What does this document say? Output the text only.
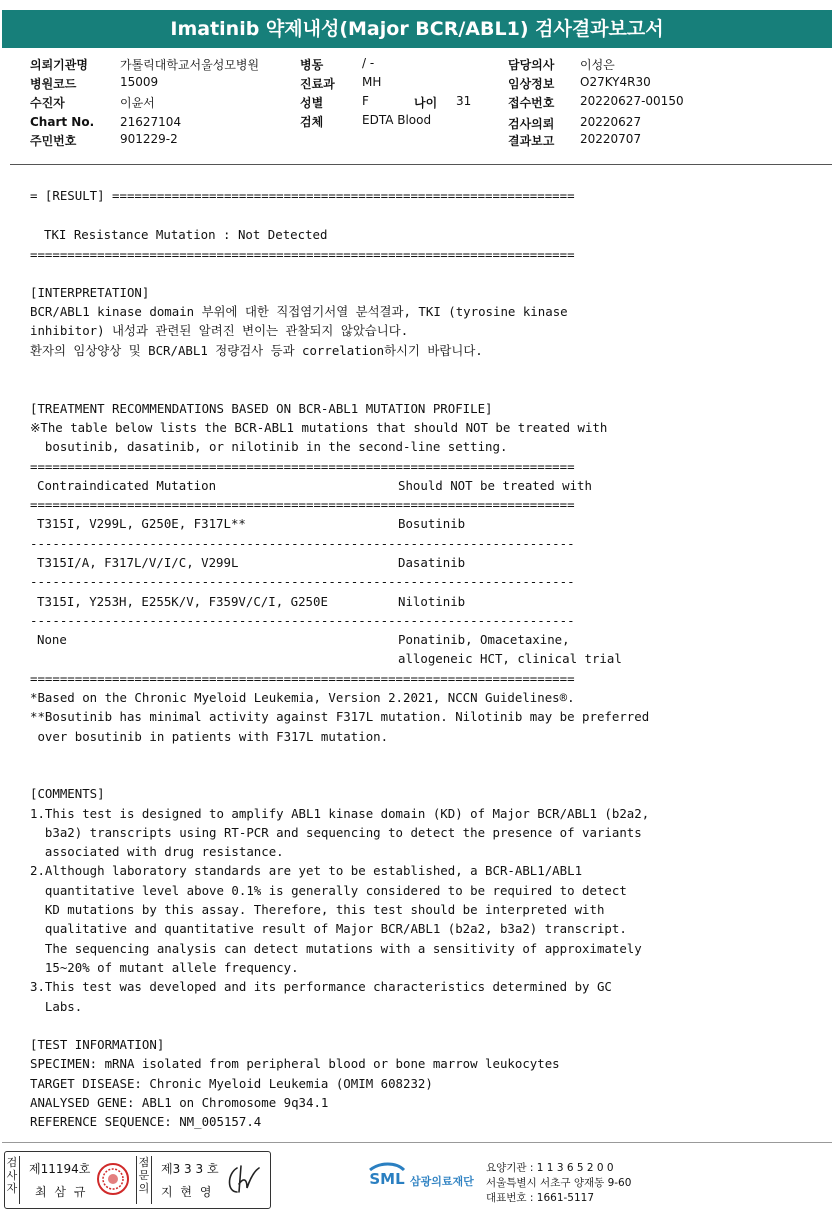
Imatinib 약제내성(Major BCR/ABL1) 검사결과보고서
의뢰기관명	가톨릭대학교서울성모병원
병원코드	15009
수진자	이윤서
Chart No. 21627104
주민번호	901229-2
병동	/ -
진료과 MH
성별	F	나이 31
검체	EDTA Blood
담당의사 이성은
임상정보 O27KY4R30
접수번호 20220627-00150
검사의뢰 20220627
결과보고 20220707
= [RESULT] ==============================================================
TKI Resistance Mutation : Not Detected
=========================================================================
[INTERPRETATION]
BCR/ABL1 kinase domain 부위에 대한 직접염기서열 분석결과, TKI (tyrosine kinase
inhibitor) 내성과 관련된 알려진 변이는 관찰되지 않았습니다.
환자의 임상양상 및 BCR/ABL1 정량검사 등과 correlation하시기 바랍니다.
[TREATMENT RECOMMENDATIONS BASED ON BCR-ABL1 MUTATION PROFILE]
※The table below lists the BCR-ABL1 mutations that should NOT be treated with
bosutinib, dasatinib, or nilotinib in the second-line setting.
=========================================================================
Contraindicated Mutation	Should NOT be treated with
=========================================================================
T315I, V299L, G250E, F317L**	Bosutinib
-------------------------------------------------------------------------
T315I/A, F317L/V/I/C, V299L	Dasatinib
-------------------------------------------------------------------------
T315I, Y253H, E255K/V, F359V/C/I, G250E	Nilotinib
-------------------------------------------------------------------------
None	Ponatinib, Omacetaxine,
allogeneic HCT, clinical trial
=========================================================================
*Based on the Chronic Myeloid Leukemia, Version 2.2021, NCCN Guidelines®.
**Bosutinib has minimal activity against F317L mutation. Nilotinib may be preferred
over bosutinib in patients with F317L mutation.
[COMMENTS]
1.This test is designed to amplify ABL1 kinase domain (KD) of Major BCR/ABL1 (b2a2,
b3a2) transcripts using RT-PCR and sequencing to detect the presence of variants
associated with drug resistance.
2.Although laboratory standards are yet to be established, a BCR-ABL1/ABL1
quantitative level above 0.1% is generally considered to be required to detect
KD mutations by this assay. Therefore, this test should be interpreted with
qualitative and quantitative result of Major BCR/ABL1 (b2a2, b3a2) transcript.
The sequencing analysis can detect mutations with a sensitivity of approximately
15~20% of mutant allele frequency.
3.This test was developed and its performance characteristics determined by GC
Labs.
[TEST INFORMATION]
SPECIMEN: mRNA isolated from peripheral blood or bone marrow leukocytes
TARGET DISEASE: Chronic Myeloid Leukemia (OMIM 608232)
ANALYSED GENE: ABL1 on Chromosome 9q34.1
REFERENCE SEQUENCE: NM_005157.4
검사자
제11194호
최 삼 규
점문의
제3 3 3 호
지 현 영
SML 삼광의료재단
요양기관 : 1 1 3 6 5 2 0 0
서울특별시 서초구 양재동 9-60
대표번호 : 1661-5117
